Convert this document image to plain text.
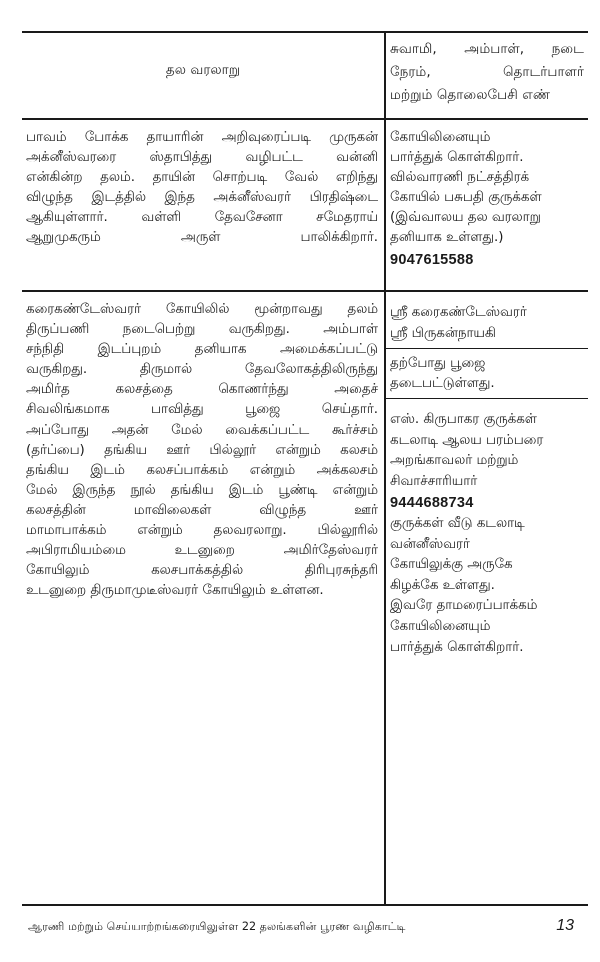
தல வரலாறு

சுவாமி, அம்பாள், நடை

நேரம், தொடர்பாளர்

மற்றும் தொலைபேசி எண்

பாவம் போக்க தாயாரின் அறிவுரைப்படி முருகன்

அக்னீஸ்வரரை ஸ்தாபித்து வழிபட்ட வன்னி

என்கின்ற தலம். தாயின் சொற்படி வேல் எறிந்து

விழுந்த இடத்தில் இந்த அக்னீஸ்வரர் பிரதிஷ்டை

ஆகியுள்ளார். வள்ளி தேவசேனா சமேதராய்

ஆறுமுகரும் அருள் பாலிக்கிறார்.

கோயிலினையும்

பார்த்துக் கொள்கிறார்.

வில்வாரணி நட்சத்திரக்

கோயில் பசுபதி குருக்கள்

(இவ்வாலய தல வரலாறு

தனியாக உள்ளது.)

9047615588

கரைகண்டேஸ்வரர் கோயிலில் மூன்றாவது தலம்

திருப்பணி நடைபெற்று வருகிறது. அம்பாள்

சந்நிதி இடப்புறம் தனியாக அமைக்கப்பட்டு

வருகிறது. திருமால் தேவலோகத்திலிருந்து

அமிர்த கலசத்தை கொணர்ந்து அதைச்

சிவலிங்கமாக பாவித்து பூஜை செய்தார்.

அப்போது அதன் மேல் வைக்கப்பட்ட கூர்ச்சம்

(தர்ப்பை) தங்கிய ஊர் பில்லூர் என்றும் கலசம்

தங்கிய இடம் கலசப்பாக்கம் என்றும் அக்கலசம்

மேல் இருந்த நூல் தங்கிய இடம் பூண்டி என்றும்

கலசத்தின் மாவிலைகள் விழுந்த ஊர்

மாமாபாக்கம் என்றும் தலவரலாறு. பில்லூரில்

அபிராமியம்மை உடனுறை அமிர்தேஸ்வரர்

கோயிலும் கலசபாக்கத்தில் திரிபுரசுந்தரி

உடனுறை திருமாமுடீஸ்வரர் கோயிலும் உள்ளன.

ஸ்ரீ கரைகண்டேஸ்வரர்

ஸ்ரீ பிருகன்நாயகி

தற்போது பூஜை

தடைபட்டுள்ளது.

எஸ். கிருபாகர குருக்கள்

கடலாடி ஆலய பரம்பரை

அறங்காவலர் மற்றும்

சிவாச்சாரியார்

9444688734

குருக்கள் வீடு கடலாடி

வன்னீஸ்வரர்

கோயிலுக்கு அருகே

கிழக்கே உள்ளது.

இவரே தாமரைப்பாக்கம்

கோயிலினையும்

பார்த்துக் கொள்கிறார்.

ஆரணி மற்றும் செய்யாற்றங்கரையிலுள்ள 22 தலங்களின் பூரண வழிகாட்டி	13
